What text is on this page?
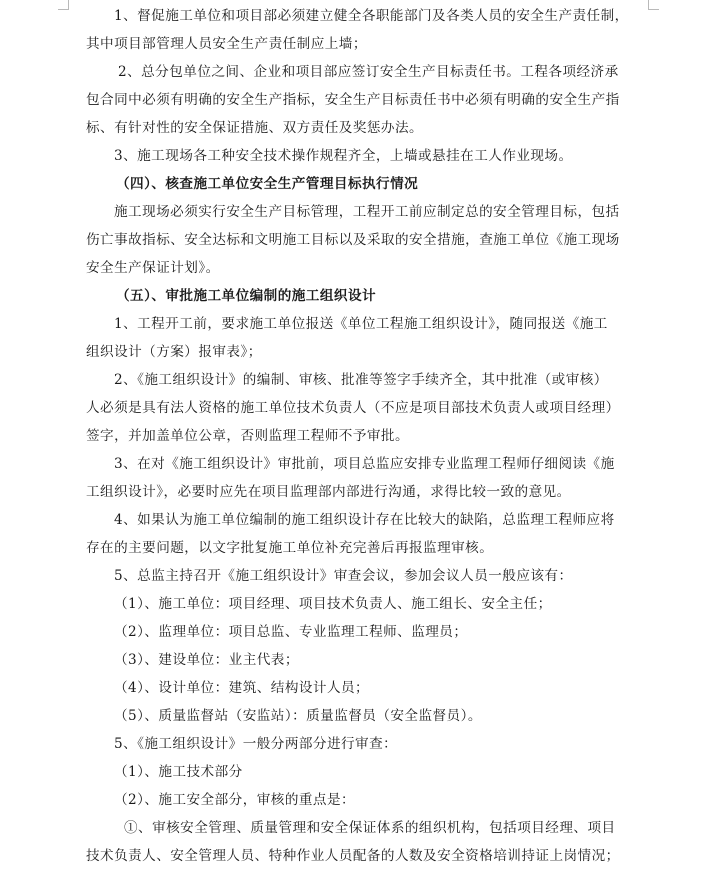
1、督促施工单位和项目部必须建立健全各职能部门及各类人员的安全生产责任制，
其中项目部管理人员安全生产责任制应上墙；
2、总分包单位之间、企业和项目部应签订安全生产目标责任书。工程各项经济承
包合同中必须有明确的安全生产指标，安全生产目标责任书中必须有明确的安全生产指
标、有针对性的安全保证措施、双方责任及奖惩办法。
3、施工现场各工种安全技术操作规程齐全，上墙或悬挂在工人作业现场。
（四）、核查施工单位安全生产管理目标执行情况
施工现场必须实行安全生产目标管理，工程开工前应制定总的安全管理目标，包括
伤亡事故指标、安全达标和文明施工目标以及采取的安全措施，查施工单位《施工现场
安全生产保证计划》。
（五）、审批施工单位编制的施工组织设计
1、工程开工前，要求施工单位报送《单位工程施工组织设计》，随同报送《施工
组织设计（方案）报审表》；
2、《施工组织设计》的编制、审核、批准等签字手续齐全，其中批准（或审核）
人必须是具有法人资格的施工单位技术负责人（不应是项目部技术负责人或项目经理）
签字，并加盖单位公章，否则监理工程师不予审批。
3、在对《施工组织设计》审批前，项目总监应安排专业监理工程师仔细阅读《施
工组织设计》，必要时应先在项目监理部内部进行沟通，求得比较一致的意见。
4、如果认为施工单位编制的施工组织设计存在比较大的缺陷，总监理工程师应将
存在的主要问题，以文字批复施工单位补充完善后再报监理审核。
5、总监主持召开《施工组织设计》审查会议，参加会议人员一般应该有：
（1）、施工单位：项目经理、项目技术负责人、施工组长、安全主任；
（2）、监理单位：项目总监、专业监理工程师、监理员；
（3）、建设单位：业主代表；
（4）、设计单位：建筑、结构设计人员；
（5）、质量监督站（安监站）：质量监督员（安全监督员）。
5、《施工组织设计》一般分两部分进行审查：
（1）、施工技术部分
（2）、施工安全部分，审核的重点是：
①、审核安全管理、质量管理和安全保证体系的组织机构，包括项目经理、项目
技术负责人、安全管理人员、特种作业人员配备的人数及安全资格培训持证上岗情况；
